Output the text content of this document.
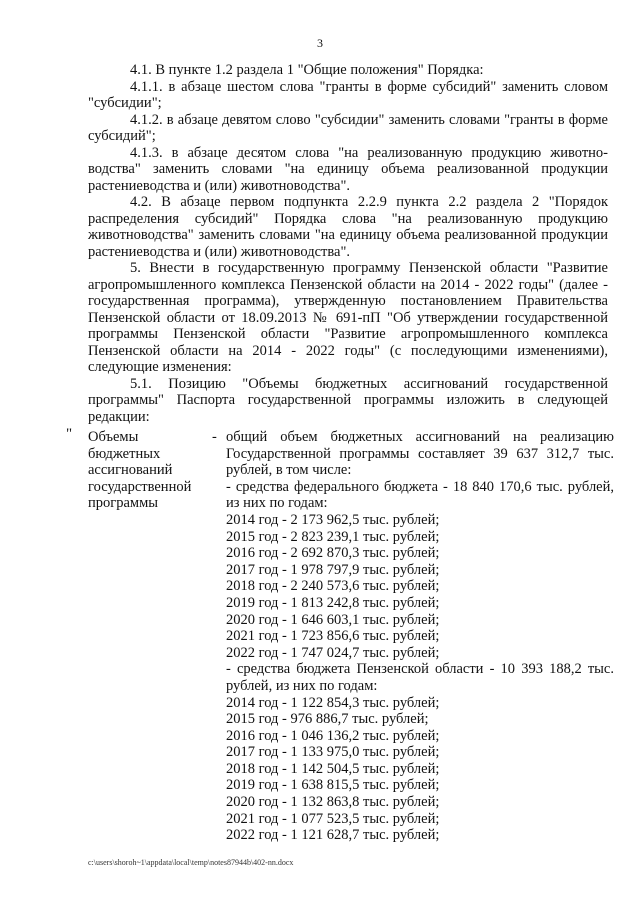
3

4.1. В пункте 1.2 раздела 1 "Общие положения" Порядка:

4.1.1. в абзаце шестом слова "гранты в форме субсидий" заменить словом "субсидии";

4.1.2. в абзаце девятом слово "субсидии" заменить словами "гранты в форме субсидий";

4.1.3. в абзаце десятом слова "на реализованную продукцию животно-водства" заменить словами "на единицу объема реализованной продукции растениеводства и (или) животноводства".

4.2. В абзаце первом подпункта 2.2.9 пункта 2.2 раздела 2 "Порядок распределения субсидий" Порядка слова "на реализованную продукцию животноводства" заменить словами "на единицу объема реализованной продукции растениеводства и (или) животноводства".

5. Внести в государственную программу Пензенской области "Развитие агропромышленного комплекса Пензенской области на 2014 - 2022 годы" (далее - государственная программа), утвержденную постановлением Правительства Пензенской области от 18.09.2013 № 691-пП "Об утверждении государственной программы Пензенской области "Развитие агропромышленного комплекса Пензенской области на 2014 - 2022 годы" (с последующими изменениями), следующие изменения:

5.1. Позицию "Объемы бюджетных ассигнований государственной программы" Паспорта государственной программы изложить в следующей редакции:

" Объемы бюджетных ассигнований государственной программы
- общий объем бюджетных ассигнований на реализацию Государственной программы составляет 39 637 312,7 тыс. рублей, в том числе:

- средства федерального бюджета - 18 840 170,6 тыс. рублей, из них по годам:

2014 год - 2 173 962,5 тыс. рублей;

2015 год - 2 823 239,1 тыс. рублей;

2016 год - 2 692 870,3 тыс. рублей;

2017 год - 1 978 797,9 тыс. рублей;

2018 год - 2 240 573,6 тыс. рублей;

2019 год - 1 813 242,8 тыс. рублей;

2020 год - 1 646 603,1 тыс. рублей;

2021 год - 1 723 856,6 тыс. рублей;

2022 год - 1 747 024,7 тыс. рублей;

- средства бюджета Пензенской области - 10 393 188,2 тыс. рублей, из них по годам:

2014 год - 1 122 854,3 тыс. рублей;

2015 год - 976 886,7 тыс. рублей;

2016 год - 1 046 136,2 тыс. рублей;

2017 год - 1 133 975,0 тыс. рублей;

2018 год - 1 142 504,5 тыс. рублей;

2019 год - 1 638 815,5 тыс. рублей;

2020 год - 1 132 863,8 тыс. рублей;

2021 год - 1 077 523,5 тыс. рублей;

2022 год - 1 121 628,7 тыс. рублей;

c:\users\shoroh~1\appdata\local\temp\notes87944b\402-nn.docx
